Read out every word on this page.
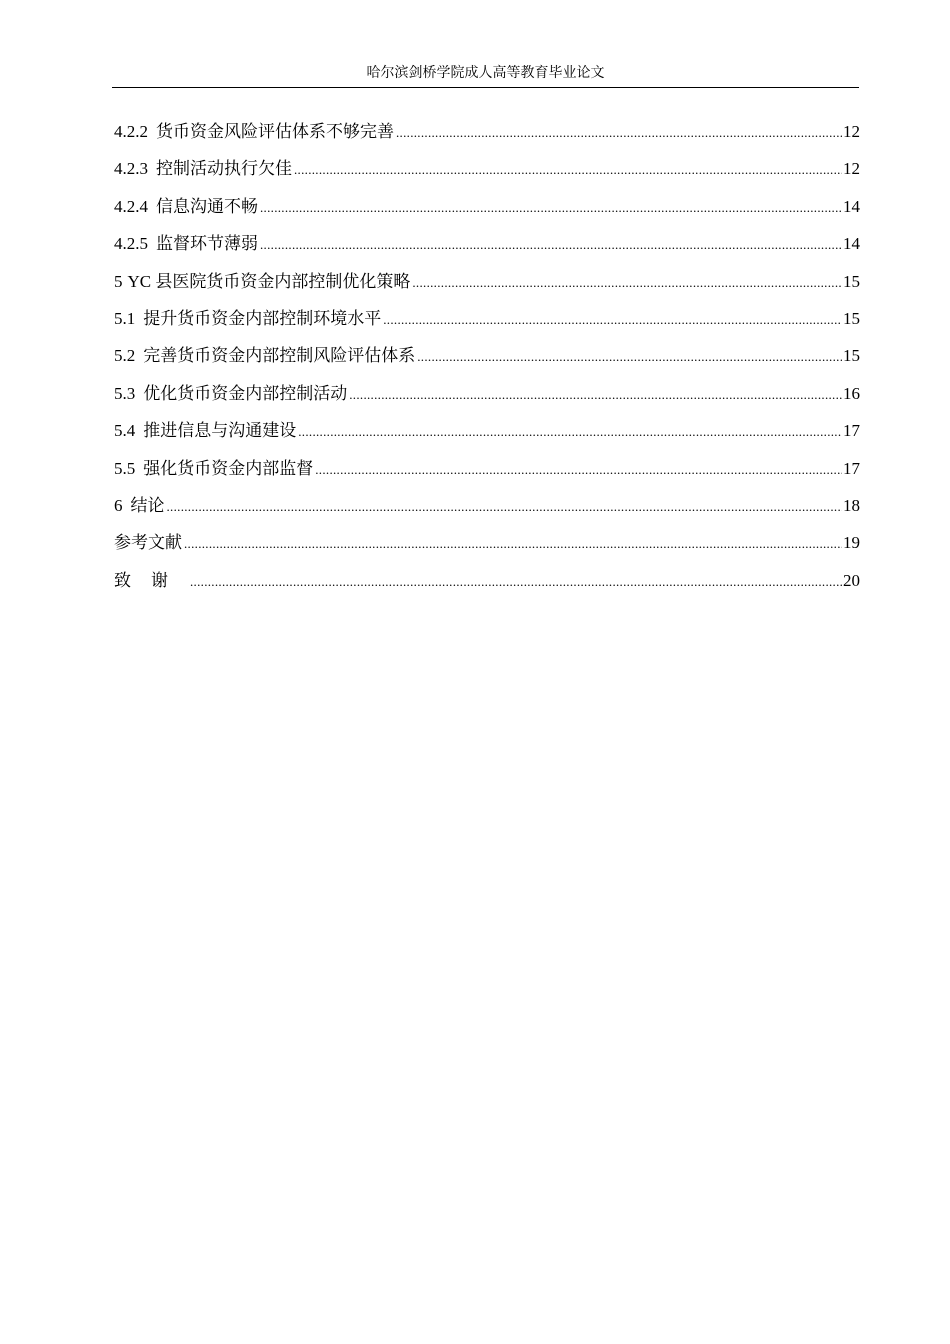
哈尔滨剑桥学院成人高等教育毕业论文
4.2.2 货币资金风险评估体系不够完善 .....	12
4.2.3 控制活动执行欠佳 .....	12
4.2.4 信息沟通不畅 .....	14
4.2.5 监督环节薄弱 .....	14
5 YC 县医院货币资金内部控制优化策略 .....	15
5.1 提升货币资金内部控制环境水平 .....	15
5.2 完善货币资金内部控制风险评估体系 .....	15
5.3 优化货币资金内部控制活动 .....	16
5.4 推进信息与沟通建设 .....	17
5.5 强化货币资金内部监督 .....	17
6 结论 .....	18
参考文献 .....	19
致谢 .....	20
